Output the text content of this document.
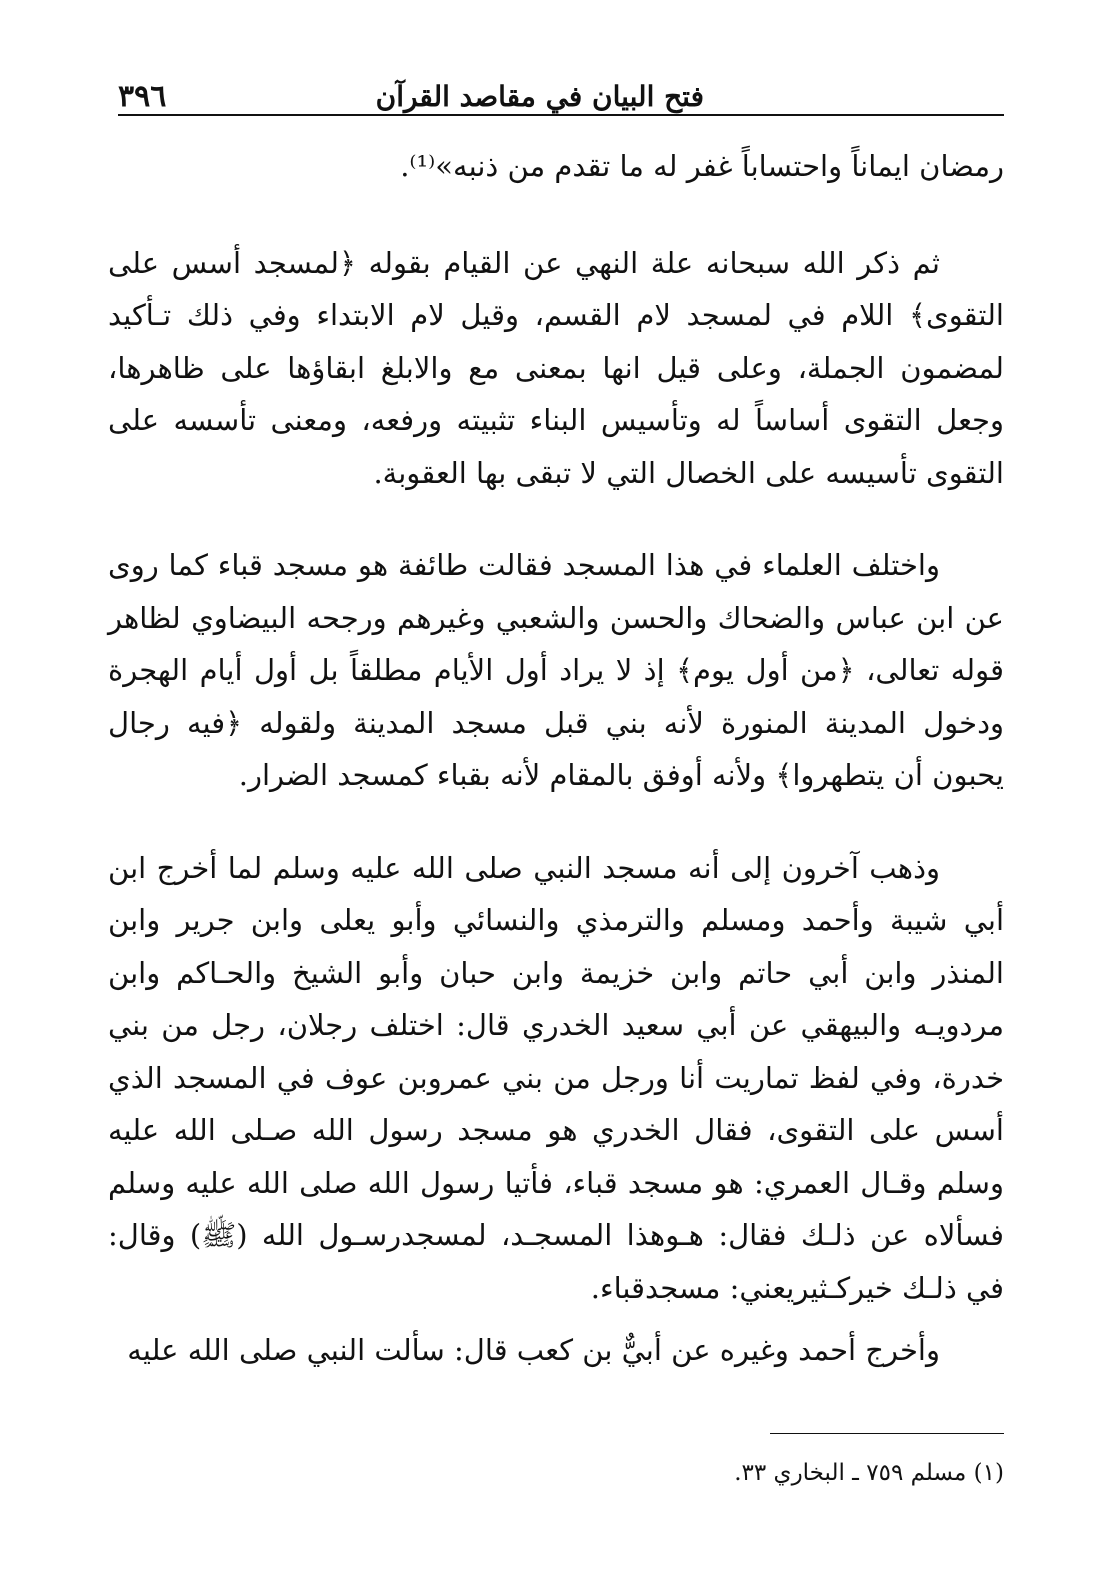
٣٩٦	فتح البيان في مقاصد القرآن

رمضان ايماناً واحتساباً غفر له ما تقدم من ذنبه»⁽¹⁾.

ثم ذكر الله سبحانه علة النهي عن القيام بقوله ﴿لمسجد أسس على التقوى﴾ اللام في لمسجد لام القسم، وقيل لام الابتداء وفي ذلك تـأكيد لمضمون الجملة، وعلى قيل انها بمعنى مع والابلغ ابقاؤها على ظاهرها، وجعل التقوى أساساً له وتأسيس البناء تثبيته ورفعه، ومعنى تأسسه على التقوى تأسيسه على الخصال التي لا تبقى بها العقوبة.

واختلف العلماء في هذا المسجد فقالت طائفة هو مسجد قباء كما روى عن ابن عباس والضحاك والحسن والشعبي وغيرهم ورجحه البيضاوي لظاهر قوله تعالى، ﴿من أول يوم﴾ إذ لا يراد أول الأيام مطلقاً بل أول أيام الهجرة ودخول المدينة المنورة لأنه بني قبل مسجد المدينة ولقوله ﴿فيه رجال يحبون أن يتطهروا﴾ ولأنه أوفق بالمقام لأنه بقباء كمسجد الضرار.

وذهب آخرون إلى أنه مسجد النبي صلى الله عليه وسلم لما أخرج ابن أبي شيبة وأحمد ومسلم والترمذي والنسائي وأبو يعلى وابن جرير وابن المنذر وابن أبي حاتم وابن خزيمة وابن حبان وأبو الشيخ والحـاكم وابن مردويـه والبيهقي عن أبي سعيد الخدري قال: اختلف رجلان، رجل من بني خدرة، وفي لفظ تماريت أنا ورجل من بني عمروبن عوف في المسجد الذي أسس على التقوى، فقال الخدري هو مسجد رسول الله صـلى الله عليه وسلم وقـال العمري: هو مسجد قباء، فأتيا رسول الله صلى الله عليه وسلم فسألاه عن ذلـك فقال: هـوهذا المسجـد، لمسجدرسـول الله (ﷺ) وقال: في ذلـك خيركـثيريعني: مسجدقباء.

وأخرج أحمد وغيره عن أبيٌّ بن كعب قال: سألت النبي صلى الله عليه

(١) مسلم ٧٥٩ ـ البخاري ٣٣.
